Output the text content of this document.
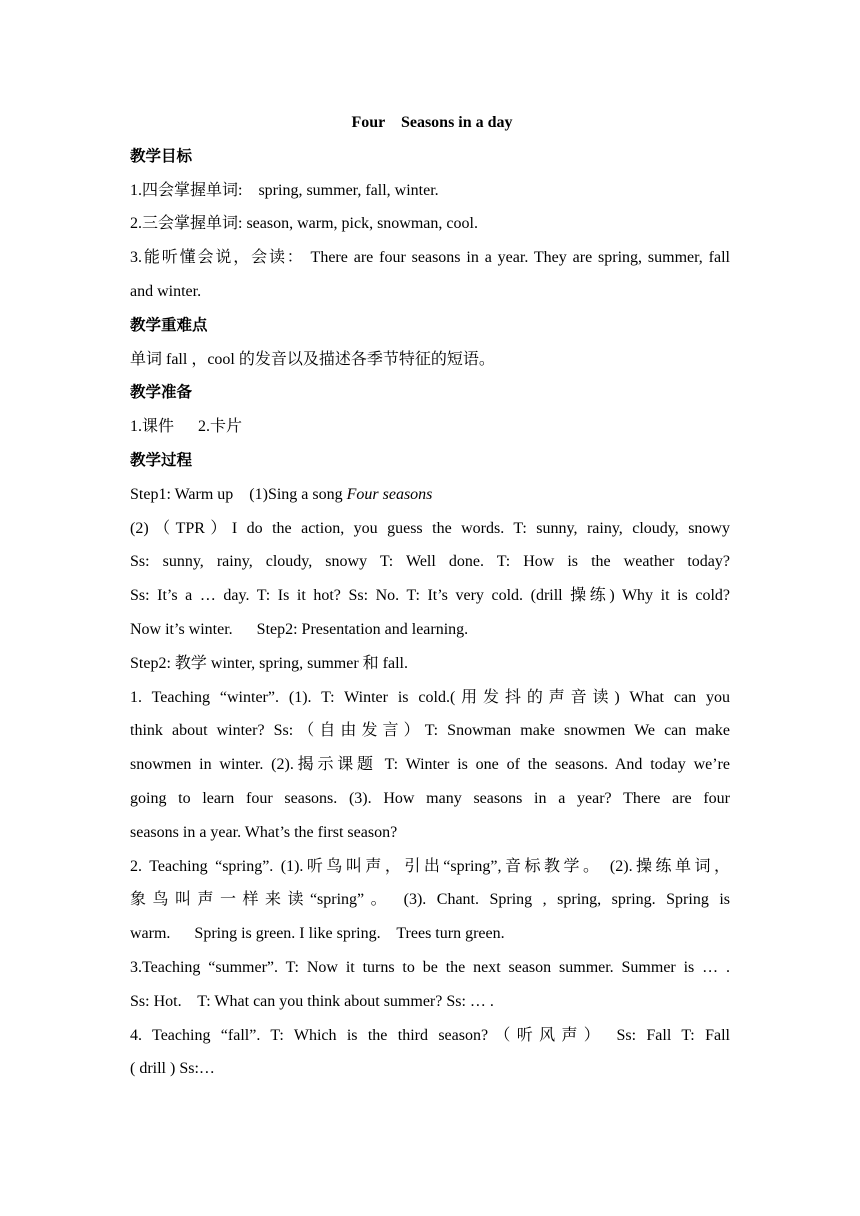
Four    Seasons in a day
教学目标
1.四会掌握单词:    spring, summer, fall, winter.
2.三会掌握单词: season, warm, pick, snowman, cool.
3.能听懂会说，会读： There are four seasons in a year. They are spring, summer, fall
and winter.
教学重难点
单词 fall ，cool 的发音以及描述各季节特征的短语。
教学准备
1.课件      2.卡片
教学过程
Step1: Warm up    (1)Sing a song Four seasons
(2)（TPR）I do the action, you guess the words. T: sunny, rainy, cloudy, snowy
Ss: sunny, rainy, cloudy, snowy T: Well done. T: How is the weather today?
Ss: It’s a … day. T: Is it hot? Ss: No. T: It’s very cold. (drill 操练) Why it is cold?
Now it’s winter.      Step2: Presentation and learning.
Step2: 教学 winter, spring, summer 和 fall.
1. Teaching “winter”. (1). T: Winter is cold.(用发抖的声音读) What can you
think about winter? Ss:（自由发言）T: Snowman make snowmen We can make
snowmen in winter. (2).揭示课题 T: Winter is one of the seasons. And today we’re
going to learn four seasons. (3). How many seasons in a year? There are four
seasons in a year. What’s the first season?
2. Teaching “spring”. (1).听鸟叫声，引出“spring”,音标教学。 (2).操练单词，
象鸟叫声一样来读“spring”。 (3). Chant. Spring , spring, spring. Spring is
warm.      Spring is green. I like spring.    Trees turn green.
3.Teaching “summer”. T: Now it turns to be the next season summer. Summer is … .
Ss: Hot.    T: What can you think about summer? Ss: … .
4. Teaching “fall”. T: Which is the third season?（听风声） Ss: Fall T: Fall
( drill ) Ss:…
